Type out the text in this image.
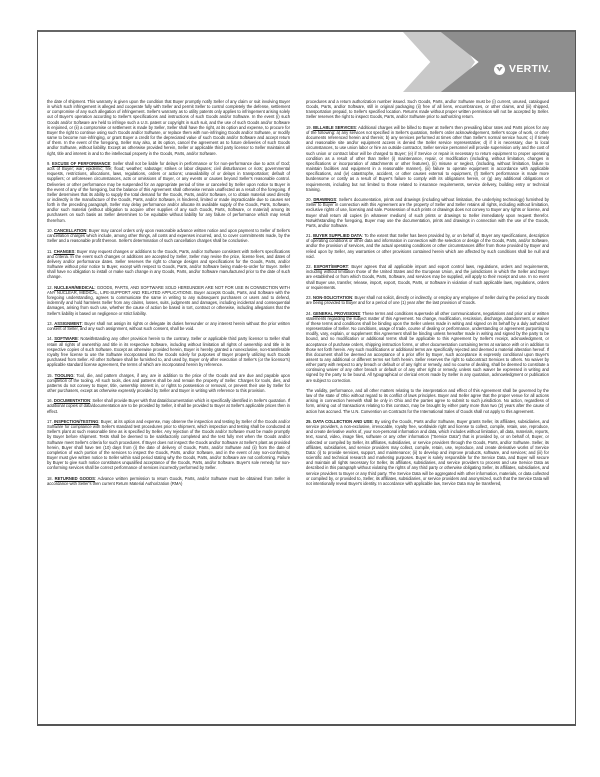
VERTIV.

the date of shipment. This warranty is given upon the condition that Buyer promptly notify Seller of any claim or suit involving Buyer in which such infringement is alleged and cooperate fully with Seller and permit Seller to control completely the defense, settlement or compromise of any such allegation of infringement. Seller's warranty as to utility patents only applies to infringement arising solely out of Buyer's operation according to Seller's specifications and instructions of such Goods and/or Software. In the event (i) such Goods and/or Software are held to infringe such a U.S. patent or copyright in such suit, and the use of such Goods and/or Software is enjoined, or (ii) a compromise or settlement is made by Seller, Seller shall have the right, at its option and expense, to procure for Buyer the right to continue using such Goods and/or Software, or replace them with non-infringing Goods and/or Software, or modify same to become non-infringing, or grant Buyer a credit for the depreciated value of such Goods and/or Software and accept return of them. In the event of the foregoing, Seller may also, at its option, cancel the agreement as to future deliveries of such Goods and/or Software, without liability. Except as otherwise provided herein, Seller or applicable third party licensor to Seller maintains all right, title and interest in and to the intellectual property in the Goods, Parts, and/or Software.

9. EXCUSE OF PERFORMANCE: Seller shall not be liable for delays in performance or for non-performance due to acts of God; acts of Buyer; war; epidemic; fire; flood; weather; sabotage; strikes or labor disputes; civil disturbances or riots; governmental requests, restrictions, allocations, laws, regulations, orders or actions; unavailability of or delays in transportation; default of suppliers; or unforeseen circumstances, acts or omissions of Buyer, or any events or causes beyond Seller's reasonable control. Deliveries or other performance may be suspended for an appropriate period of time or canceled by Seller upon notice to Buyer in the event of any of the foregoing, but the balance of this Agreement shall otherwise remain unaffected as a result of the foregoing. If Seller determines that its ability to supply the total demand for the Goods, Parts, and/or Software, or to obtain material used directly or indirectly in the manufacture of the Goods, Parts, and/or Software, is hindered, limited or made impracticable due to causes set forth in the preceding paragraph, Seller may delay performance and/or allocate its available supply of the Goods, Parts, Software, and/or such material (without obligation to acquire other supplies of any such Goods, Parts, Software, or material) among its purchasers on such basis as Seller determines to be equitable without liability for any failure of performance which may result therefrom.

10. CANCELLATION: Buyer may cancel orders only upon reasonable advance written notice and upon payment to Seller of Seller's cancellation charges which include, among other things, all costs and expenses incurred, and, to cover commitments made, by the Seller and a reasonable profit thereon. Seller's determination of such cancellation charges shall be conclusive.

11. CHANGES: Buyer may request changes or additions to the Goods, Parts, and/or Software consistent with Seller's specifications and criteria. In the event such changes or additions are accepted by Seller, Seller may revise the price, license fees, and dates of delivery and/or performance dates. Seller reserves the right to change designs and specifications for the Goods, Parts, and/or Software without prior notice to Buyer, except with respect to Goods, Parts, and/or Software being made-to-order for Buyer. Seller shall have no obligation to install or make such change in any Goods, Parts, and/or Software manufactured prior to the date of such change.

12. NUCLEAR/MEDICAL: GOODS, PARTS, AND SOFTWARE SOLD HEREUNDER ARE NOT FOR USE IN CONNECTION WITH ANY NUCLEAR, MEDICAL, LIFE-SUPPORT AND RELATED APPLICATIONS. Buyer accepts Goods, Parts, and Software with the foregoing understanding, agrees to communicate the same in writing to any subsequent purchasers or users and to defend, indemnify and hold harmless Seller from any claims, losses, suits, judgments and damages, including incidental and consequential damages, arising from such use, whether the cause of action be based in tort, contract or otherwise, including allegations that the Seller's liability is based on negligence or strict liability.

13. ASSIGNMENT: Buyer shall not assign its rights or delegate its duties hereunder or any interest herein without the prior written consent of Seller, and any such assignment, without such consent, shall be void.

14. SOFTWARE: Notwithstanding any other provision herein to the contrary, Seller or applicable third party licensor to Seller shall retain all rights of ownership and title in its respective Software, including without limitation all rights of ownership and title in its respective copies of such Software. Except as otherwise provided herein, Buyer is hereby granted a nonexclusive, non-transferable royalty free license to use the Software incorporated into the Goods solely for purposes of Buyer properly utilizing such Goods purchased from Seller. All other Software shall be furnished to, and used by, Buyer only after execution of Seller's (or the licensor's) applicable standard license agreement, the terms of which are incorporated herein by reference.

15. TOOLING: Tool, die, and pattern charges, if any, are in addition to the price of the Goods and are due and payable upon completion of the tooling. All such tools, dies and patterns shall be and remain the property of Seller. Charges for tools, dies, and patterns do not convey to Buyer, title, ownership interest in, or rights to possession or removal, or prevent their use by Seller for other purchasers, except as otherwise expressly provided by Seller and Buyer in writing with reference to this provision.

16. DOCUMENTATION: Seller shall provide Buyer with that data/documentation which is specifically identified in Seller's quotation. If additional copies of data/documentation are to be provided by Seller, it shall be provided to Buyer at Seller's applicable prices then in effect.

17. INSPECTION/TESTING: Buyer, at its option and expense, may observe the inspection and testing by Seller of the Goods and/or Software for compliance with Seller's standard test procedures prior to shipment, which inspection and testing shall be conducted at Seller's plant at such reasonable time as is specified by Seller. Any rejection of the Goods and/or Software must be made promptly by Buyer before shipment. Tests shall be deemed to be satisfactorily completed and the test fully met when the Goods and/or Software meet Seller's criteria for such procedures. If Buyer does not inspect the Goods and/or Software at Seller's plant as provided herein, Buyer shall have ten (10) days from (i) the date of delivery of Goods, Parts, and/or Software and (ii) from the date of completion of each portion of the services to inspect the Goods, Parts, and/or Software, and in the event of any non-conformity, Buyer must give written notice to Seller within said period stating why the Goods, Parts, and/or Software are not conforming. Failure by Buyer to give such notice constitutes unqualified acceptance of the Goods, Parts, and/or Software. Buyer's sole remedy for non-conforming services shall be correct performance of services incorrectly performed by Seller.

18. RETURNED GOODS: Advance written permission to return Goods, Parts, and/or Software must be obtained from Seller in accordance with Seller's then current Return Material Authorization (RMA)

procedures and a return authorization number issued. Such Goods, Parts, and/or Software must be (i) current, unused, catalogued Goods, Parts, and/or Software, still in original packaging (ii) free of all liens, encumbrances, or other claims, and (iii) shipped, transportation prepaid, to Seller's specified location. Returns made without proper written permission will not be accepted by Seller. Seller reserves the right to inspect Goods, Parts, and/or Software prior to authorizing return.

19. BILLABLE SERVICES: Additional charges will be billed to Buyer at Seller's then prevailing labor rates and Parts prices for any of the following: a) any services not specified in Seller's quotation, Seller's order acknowledgement, Seller's scope of work, or other documents referenced herein and therein; b) any services performed at times other than Seller's normal service hours; c) if timely and reasonable site and/or equipment access is denied the Seller service representative; d) if it is necessary, due to local circumstances, to use union labor or hire an outside contractor, Seller service personnel will provide supervision only and the cost of such union or contract labor will be charged to Buyer; (e) if Service or repair is necessary to return equipment to proper operating condition as a result of other than Seller (i) maintenance, repair, or modification (including, without limitation, changes in specifications or incorporation of attachments or other features), (ii) misuse or neglect, (including, without limitation, failure to maintain facilities and equipment in a reasonable manner), (iii) failure to operate equipment in accordance with applicable specifications, and (iv) catastrophe, accident, or other causes external to equipment, (f) Seller's performance is made more burdensome or costly as a result of Buyer's failure to comply with its obligations herein, or (g) any additional obligations or requirements, including but not limited to those related to insurance requirements, service delivery, building entry or technical training.

20. DRAWINGS: Seller's documentation, prints and drawings (including without limitation, the underlying technology) furnished by Seller to Buyer in connection with this Agreement are the property of Seller and Seller retains all rights, including without limitation, exclusive rights of use, licensing and sale. Possession of such prints or drawings does not convey to Buyer any rights or license, and Buyer shall return all copies (in whatever medium) of such prints or drawings to Seller immediately upon request therefor. Notwithstanding the foregoing, Buyer may use the documentation, prints and drawings in connection with the use of the Goods, Parts, and/or Software.

21. BUYER SUPPLIED DATA: To the extent that Seller has been provided by, or on behalf of, Buyer any specifications, description of operating conditions or other data and information in connection with the selection or design of the Goods, Parts, and/or Software, and/or the provision of services, and the actual operating conditions or other circumstances differ from those provided by Buyer and relied upon by Seller, any warranties or other provisions contained herein which are affected by such conditions shall be null and void.

22. EXPORT/IMPORT: Buyer agrees that all applicable import and export control laws, regulations, orders and requirements, including without limitation those of the United States and the European Union, and the jurisdictions in which the Seller and Buyer are established or from which Goods, Parts, Software, and services may be supplied, will apply to their receipt and use. In no event shall Buyer use, transfer, release, import, export, Goods, Parts, or Software in violation of such applicable laws, regulations, orders or requirements.

23. NON-SOLICITATION: Buyer shall not solicit, directly or indirectly, or employ any employee of Seller during the period any Goods are being provided to Buyer and for a period of one (1) year after the last provision of Goods.

24. GENERAL PROVISIONS: These terms and conditions supersede all other communications, negotiations and prior oral or written statements regarding the subject matter of this Agreement. No change, modification, rescission, discharge, abandonment, or waiver of these terms and conditions shall be binding upon the Seller unless made in writing and signed on its behalf by a duly authorized representative of Seller. No conditions, usage of trade, course of dealing or performance, understanding or agreement purporting to modify, vary, explain, or supplement this Agreement shall be binding unless hereafter made in writing and signed by the party to be bound, and no modification or additional terms shall be applicable to this Agreement by Seller's receipt, acknowledgment, or acceptance of purchase orders, shipping instruction forms, or other documentation containing terms at variance with or in addition to those set forth herein. Any such modifications or additional terms are specifically rejected and deemed a material alteration hereof. If this document shall be deemed an acceptance of a prior offer by Buyer, such acceptance is expressly conditional upon Buyer's assent to any additional or different terms set forth herein. Seller reserves the right to subcontract Services to others. No waiver by either party with respect to any breach or default or of any right or remedy, and no course of dealing, shall be deemed to constitute a continuing waiver of any other breach or default or of any other right or remedy, unless such waiver be expressed in writing and signed by the party to be bound. All typographical or clerical errors made by Seller in any quotation, acknowledgment or publication are subject to correction.

The validity, performance, and all other matters relating to the interpretation and effect of this Agreement shall be governed by the law of the state of Ohio without regard to its conflict of laws principles. Buyer and Seller agree that the proper venue for all actions arising in connection herewith shall be only in Ohio and the parties agree to submit to such jurisdiction. No action, regardless of form, arising out of transactions relating to this contract, may be brought by either party more than two (2) years after the cause of action has accrued. The U.N. Convention on Contracts for the International Sales of Goods shall not apply to this agreement.

25. DATA COLLECTION AND USE: By using the Goods, Parts and/or Software, Buyer grants Seller, its affiliates, subsidiaries, and service providers, a non-exclusive, irrevocable, royalty free, worldwide right and license to collect, compile, retain, use, reproduce, and create derivative works of, your non-personal information and data, which includes without limitation, all data, materials, reports, text, sound, video, image files, software or any other information ("Service Data") that is provided by, or on behalf of, Buyer, or collected or compiled by Seller, its affiliates, subsidiaries, or service providers through the Goods, Parts, and/or Software. Seller, its affiliates, subsidiaries, and service providers may collect, compile, retain, use, reproduce, and create derivative works of Service Data: (i) to provide services, support, and maintenance; (ii) to develop and improve products, software, and services; and (iii) for scientific and technical research and marketing purposes. Buyer is solely responsible for the Service Data, and Buyer will secure and maintain all rights necessary for Seller, its affiliates, subsidiaries, and service providers to process and use Service Data as described in this paragraph without violating the rights of any third party or otherwise obligating Seller, its affiliates, subsidiaries, and service providers to Buyer or any third party. The Service Data will be aggregated with other information, materials, or data collected or compiled by, or provided to, Seller, its affiliates, subsidiaries, or service providers and anonymized, such that the Service Data will not intentionally reveal Buyer's identity. In accordance with applicable law, Service Data may be transfered,
